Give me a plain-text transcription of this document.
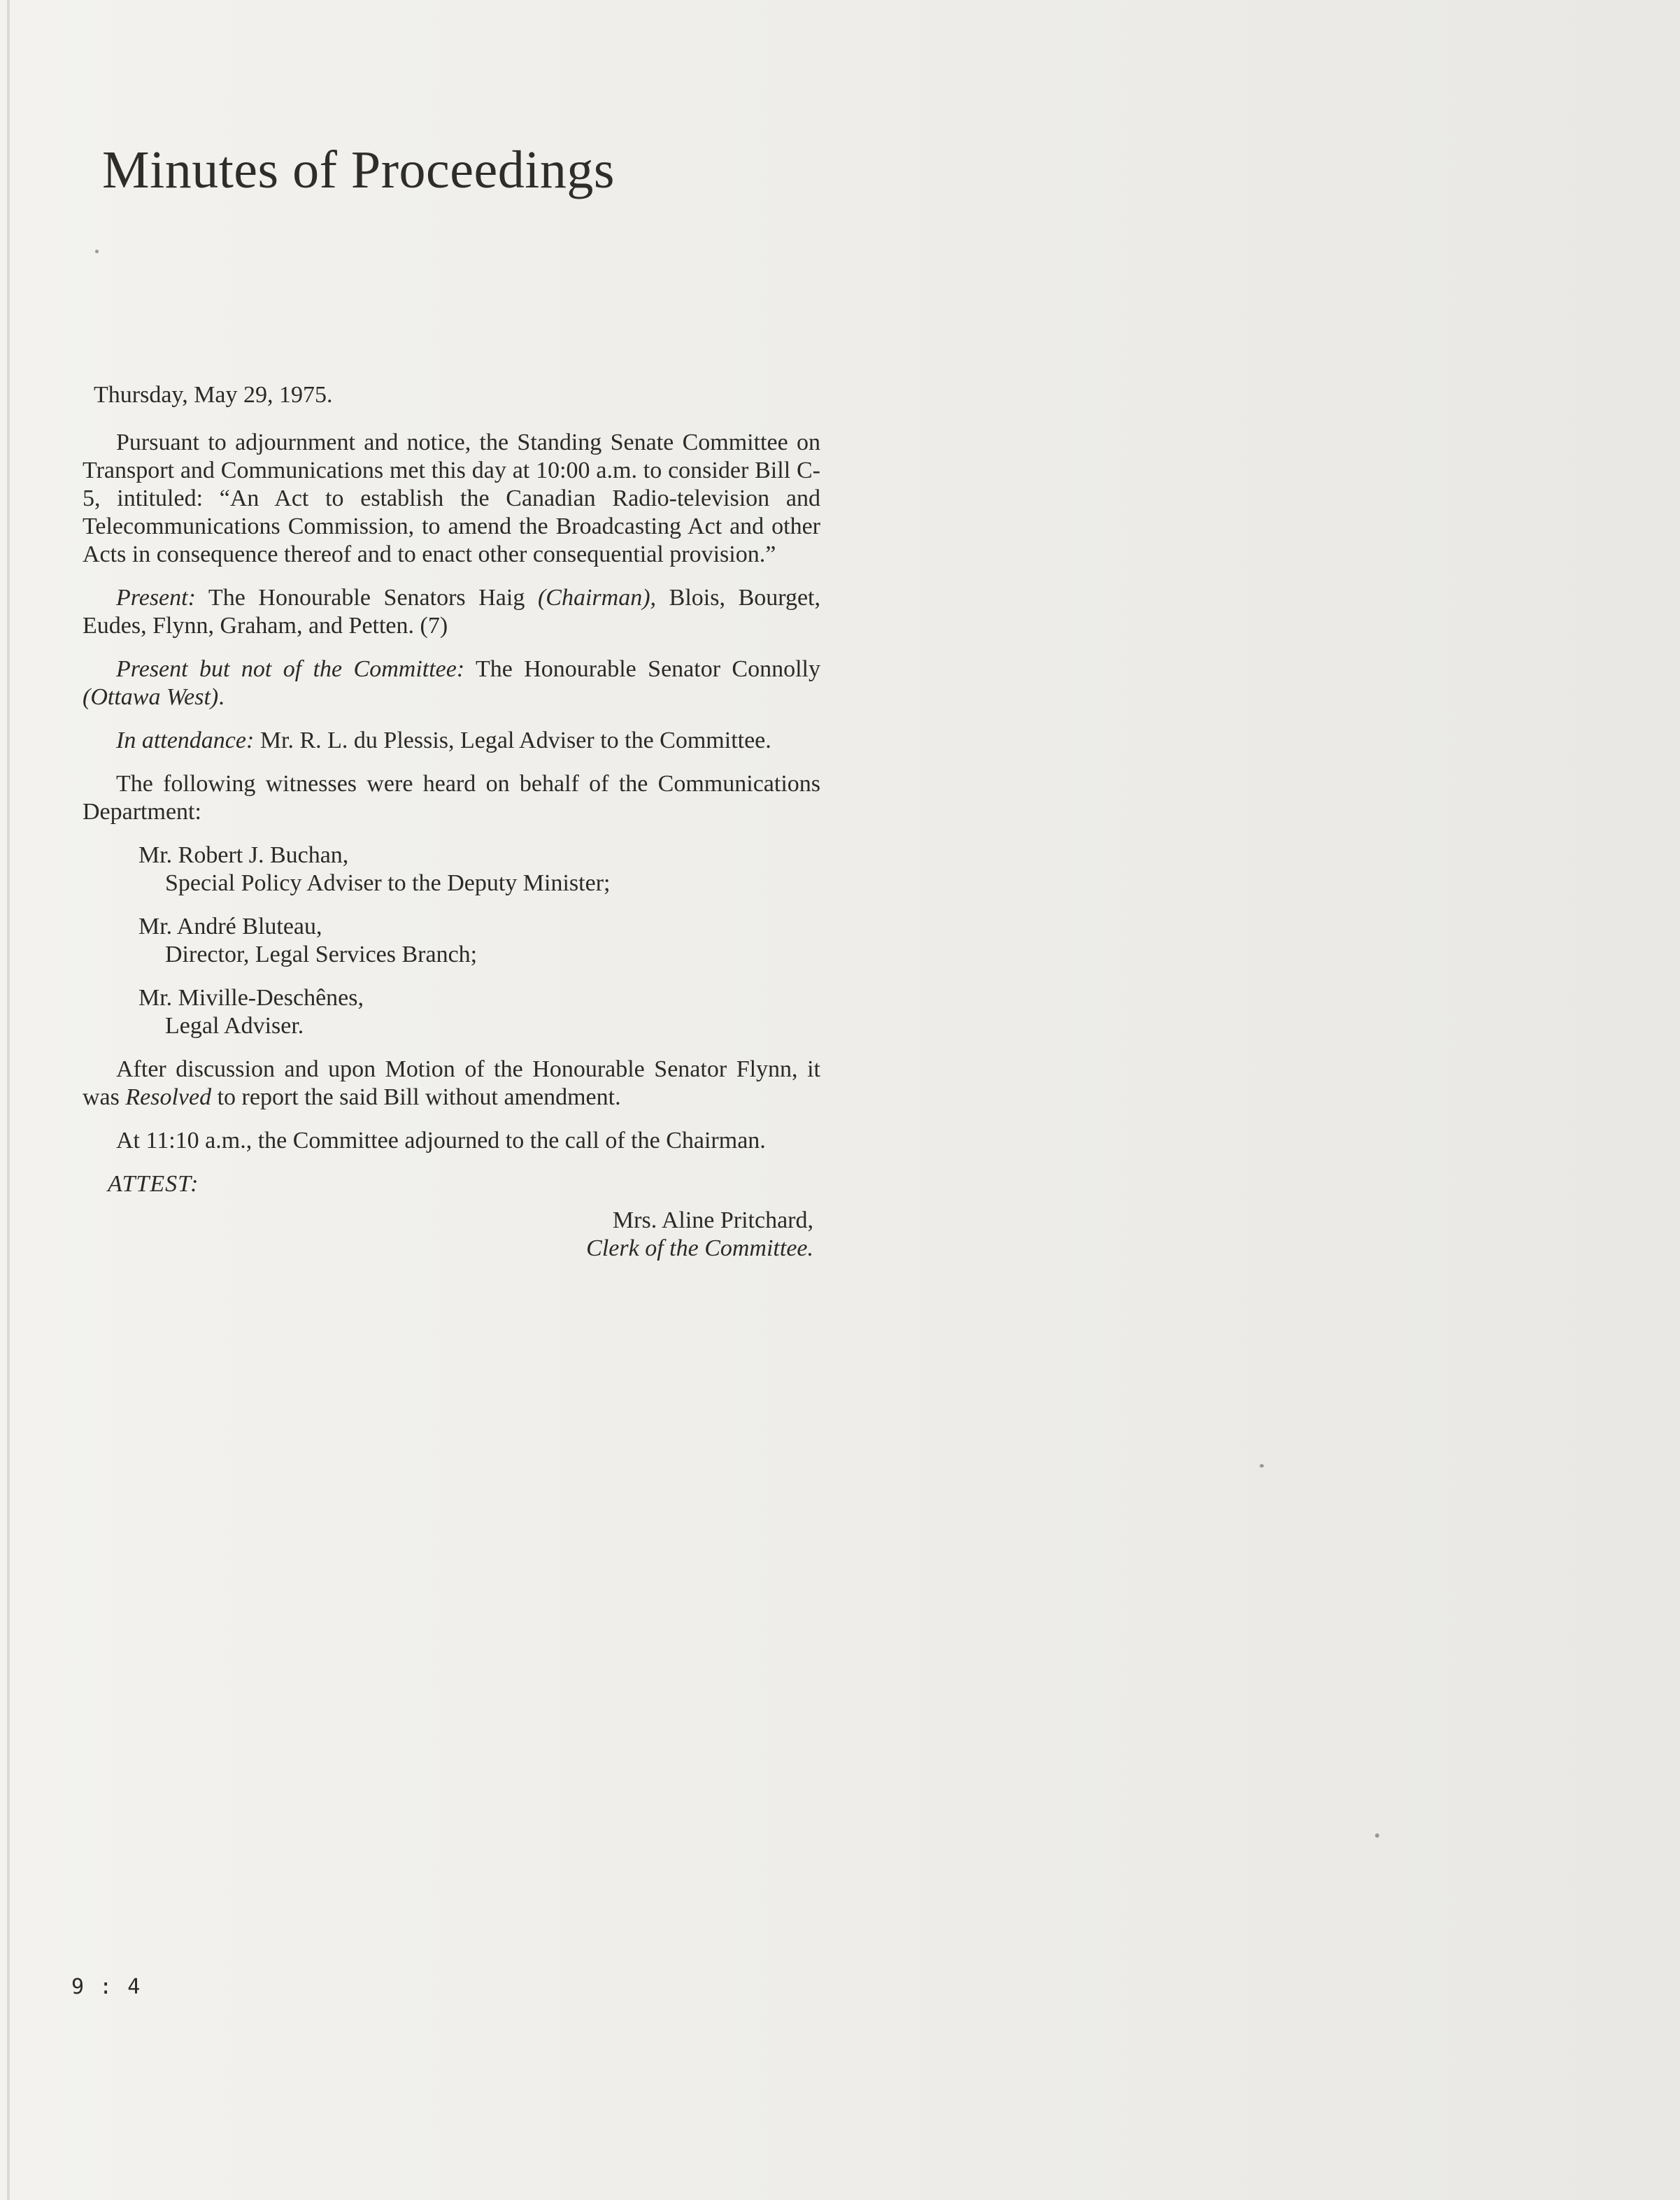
Minutes of Proceedings

Thursday, May 29, 1975.

Pursuant to adjournment and notice, the Standing Senate Committee on Transport and Communications met this day at 10:00 a.m. to consider Bill C-5, intituled: “An Act to establish the Canadian Radio-television and Telecommunications Commission, to amend the Broadcasting Act and other Acts in consequence thereof and to enact other consequential provision.”

Present: The Honourable Senators Haig (Chairman), Blois, Bourget, Eudes, Flynn, Graham, and Petten. (7)

Present but not of the Committee: The Honourable Senator Connolly (Ottawa West).

In attendance: Mr. R. L. du Plessis, Legal Adviser to the Committee.

The following witnesses were heard on behalf of the Communications Department:

Mr. Robert J. Buchan,
Special Policy Adviser to the Deputy Minister;

Mr. André Bluteau,
Director, Legal Services Branch;

Mr. Miville-Deschênes,
Legal Adviser.

After discussion and upon Motion of the Honourable Senator Flynn, it was Resolved to report the said Bill without amendment.

At 11:10 a.m., the Committee adjourned to the call of the Chairman.

ATTEST:

Mrs. Aline Pritchard,
Clerk of the Committee.

9 : 4
